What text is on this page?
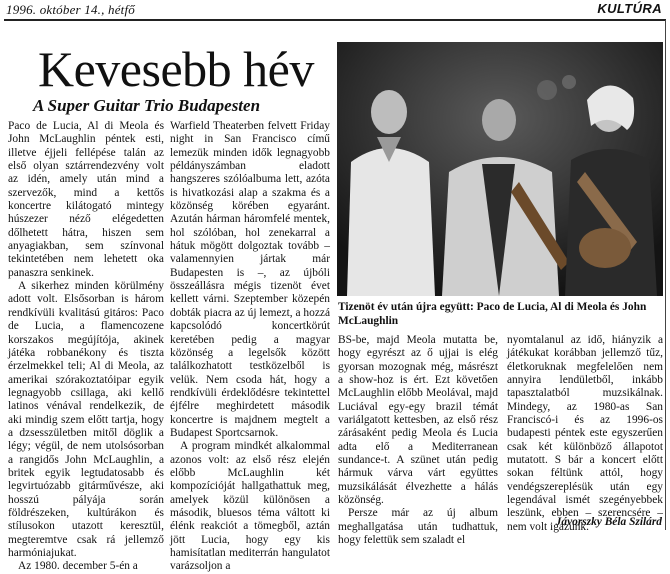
1996. október 14., hétfő	KULTÚRA
Kevesebb hév
A Super Guitar Trio Budapesten

Paco de Lucia, Al di Meola és John McLaughlin péntek esti, illetve éjjeli fellépése talán az első olyan sztárrendezvény volt az idén, amely után mind a szervezők, mind a kettős koncertre kilátogató mintegy húszezer néző elégedetten dőlhetett hátra, hiszen sem anyagiakban, sem színvonal tekintetében nem lehetett oka panaszra senkinek.

A sikerhez minden körülmény adott volt. Elsősorban is három rendkívüli kvalitású gitáros: Paco de Lucia, a flamencozene korszakos megújítója, akinek játéka robbanékony és tiszta érzelmekkel teli; Al di Meola, az amerikai szórakoztatóipar egyik legnagyobb csillaga, aki kellő latinos vénával rendelkezik, de aki mindig szem előtt tartja, hogy a dzsesszületben mitől döglik a légy; végül, de nem utolsósorban a rangidős John McLaughlin, a britek egyik legtudatosabb és legvirtuózabb gitárművésze, aki hosszú pályája során földrészeken, kultúrákon és stílusokon utazott keresztül, megteremtve csak rá jellemző harmóniajukat.

Az 1980. december 5-én a

Warfield Theaterben felvett Friday night in San Francisco című lemezük minden idők legnagyobb példányszámban eladott hangszeres szólóalbuma lett, azóta is hivatkozási alap a szakma és a közönség körében egyaránt. Azután hárman háromfelé mentek, hol szólóban, hol zenekarral a hátuk mögött dolgoztak tovább – valamennyien jártak már Budapesten is –, az újbóli összeállásra mégis tizenöt évet kellett várni. Szeptember közepén dobták piacra az új lemezt, a hozzá kapcsolódó koncertkörút keretében pedig a magyar közönség a legelsők között találkozhatott testközelből is velük. Nem csoda hát, hogy a rendkívüli érdeklődésre tekintettel éjfélre meghirdetett második koncertre is majdnem megtelt a Budapest Sportcsarnok.

A program mindkét alkalommal azonos volt: az első rész elején előbb McLaughlin két kompozícióját hallgathattuk meg, amelyek közül különösen a második, bluesos téma váltott ki élénk reakciót a tömegből, aztán jött Lucia, hogy egy kis hamisítatlan mediterrán hangulatot varázsoljon a

Tizenöt év után újra együtt: Paco de Lucia, Al di Meola és John McLaughlin

BS-be, majd Meola mutatta be, hogy egyrészt az ő ujjai is elég gyorsan mozognak még, másrészt a show-hoz is ért. Ezt követően McLaughlin előbb Meolával, majd Luciával egy-egy brazil témát variálgatott kettesben, az első rész zárásaként pedig Meola és Lucia adta elő a Mediterranean sundance-t. A szünet után pedig hármuk várva várt együttes muzsikálását élvezhette a hálás közönség.

Persze már az új album meghallgatása után tudhattuk, hogy felettük sem szaladt el

nyomtalanul az idő, hiányzik a játékukat korábban jellemző tűz, életkoruknak megfelelően nem annyira lendületből, inkább tapasztalatból muzsikálnak. Mindegy, az 1980-as San Franciscó-i és az 1996-os budapesti péntek este egyszerűen csak két különböző állapotot mutatott. S bár a koncert előtt sokan féltünk attól, hogy vendégszereplésük után egy legendával ismét szegényebbek leszünk, ebben – szerencsére – nem volt igazunk.

Jávorszky Béla Szilárd
